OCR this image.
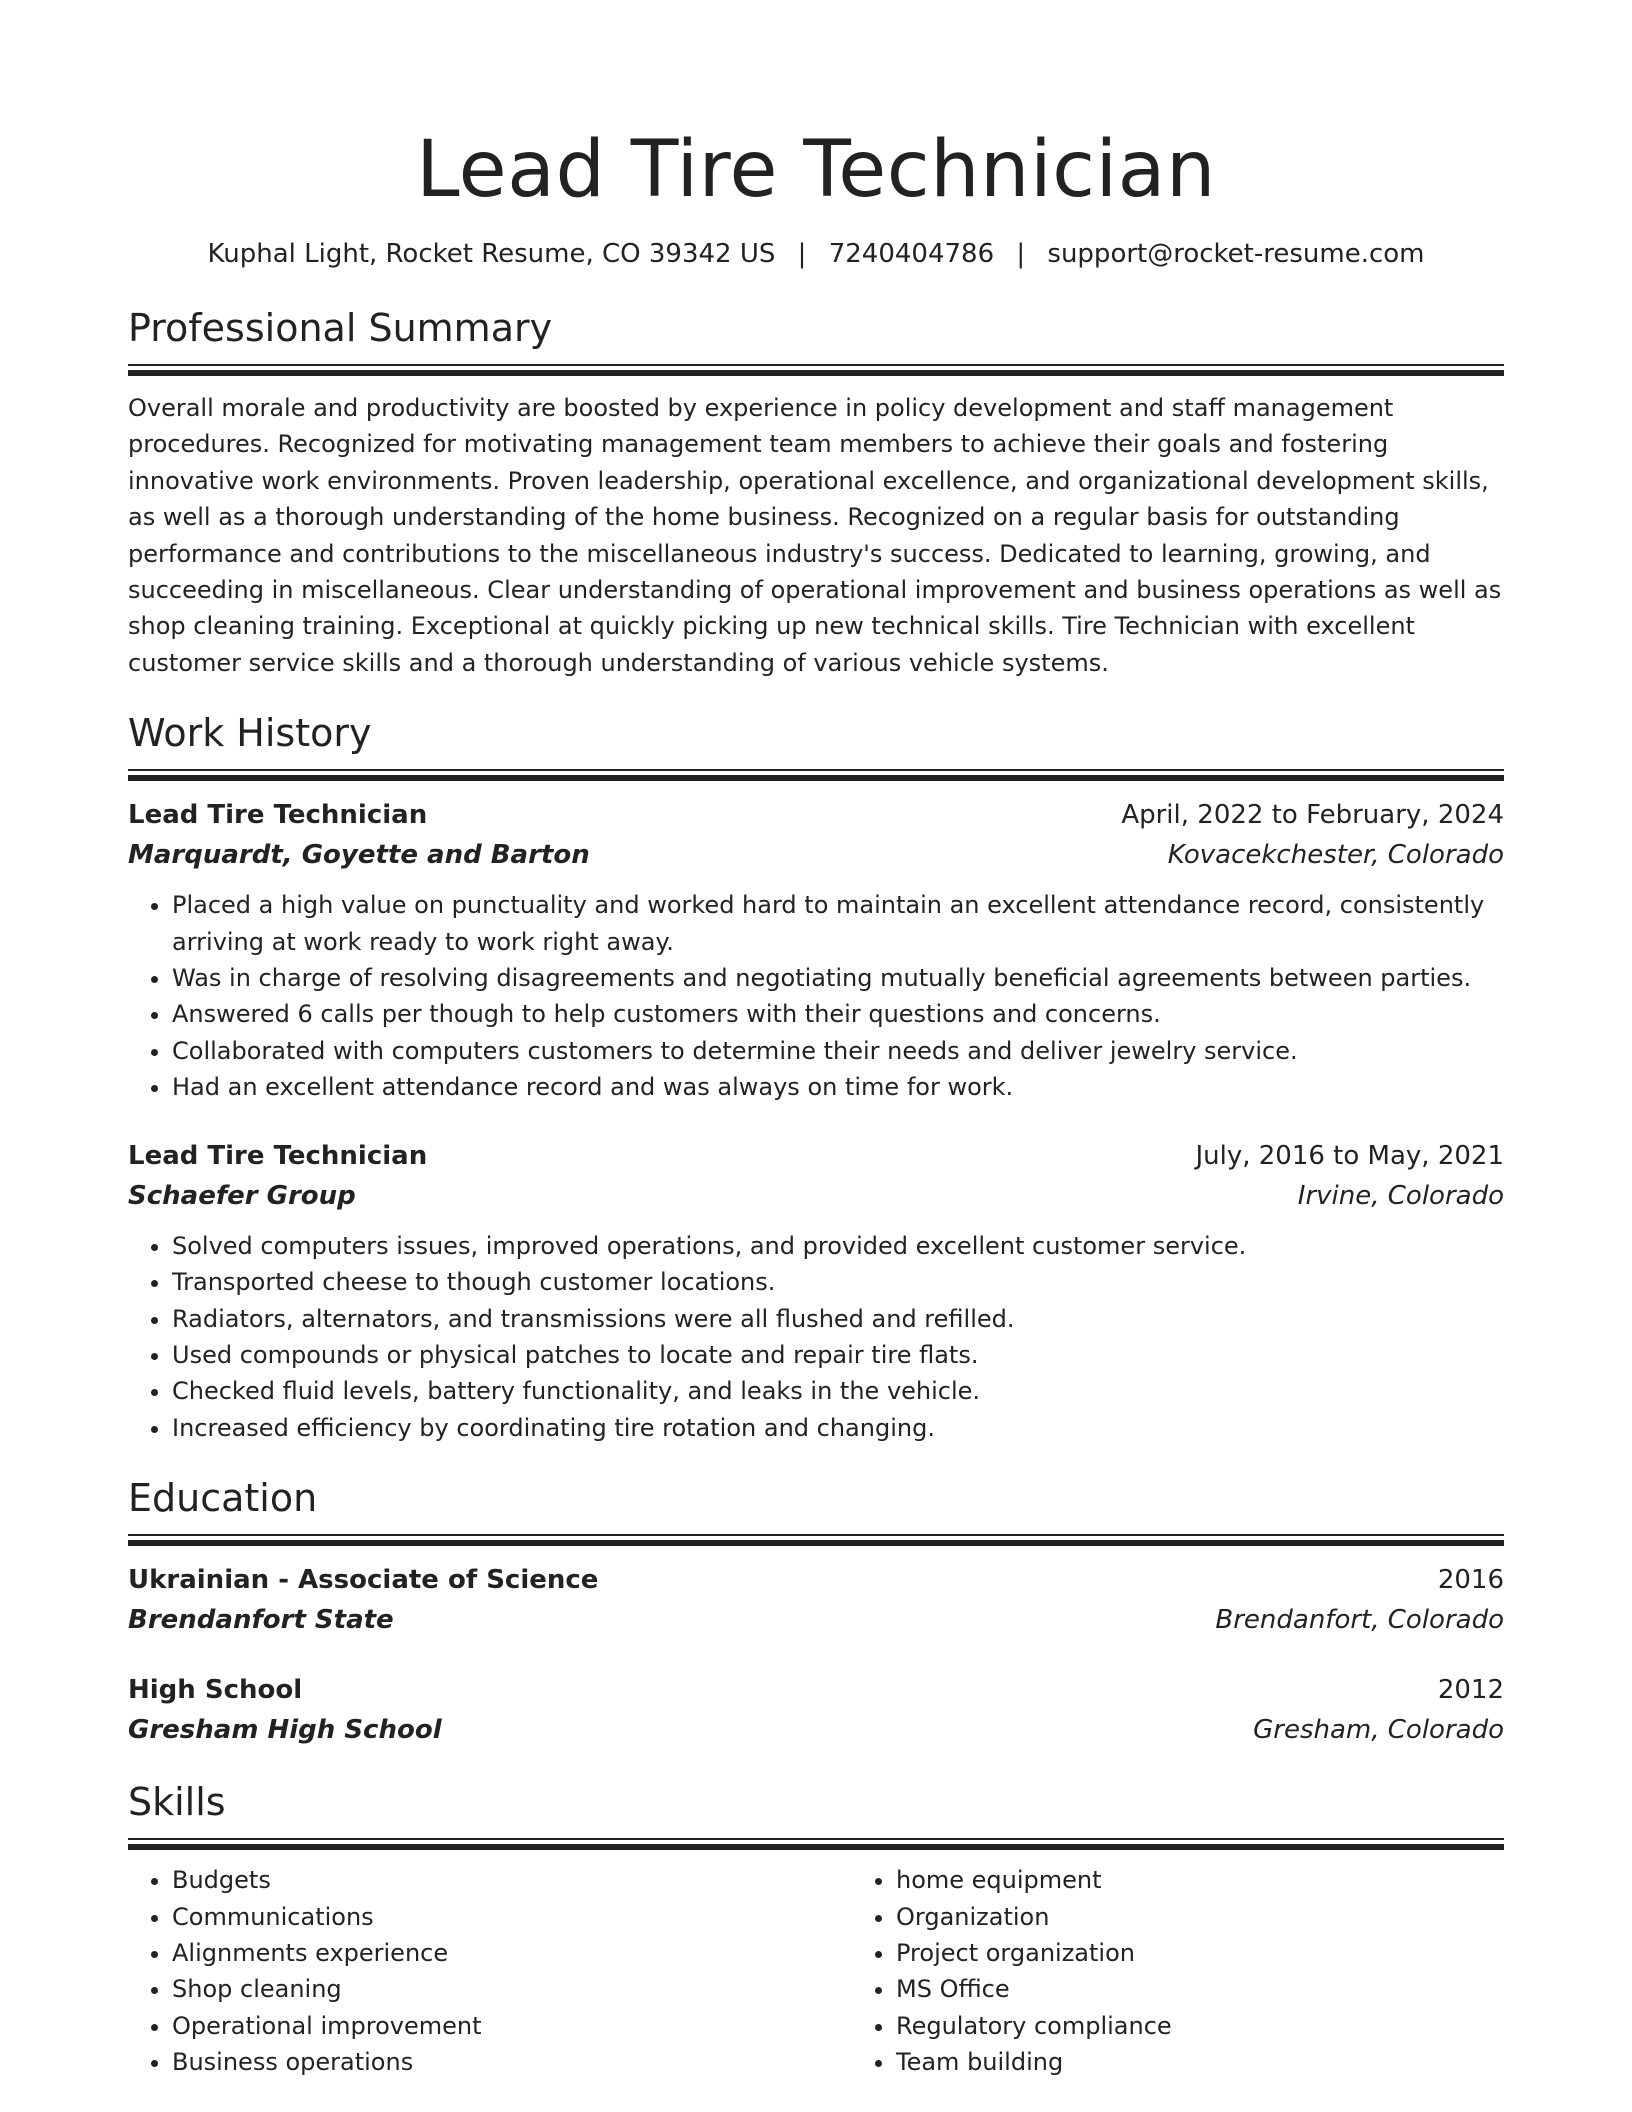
Lead Tire Technician
Kuphal Light, Rocket Resume, CO 39342 US | 7240404786 | support@rocket-resume.com
Professional Summary
Overall morale and productivity are boosted by experience in policy development and staff management procedures. Recognized for motivating management team members to achieve their goals and fostering innovative work environments. Proven leadership, operational excellence, and organizational development skills, as well as a thorough understanding of the home business. Recognized on a regular basis for outstanding performance and contributions to the miscellaneous industry's success. Dedicated to learning, growing, and succeeding in miscellaneous. Clear understanding of operational improvement and business operations as well as shop cleaning training. Exceptional at quickly picking up new technical skills. Tire Technician with excellent customer service skills and a thorough understanding of various vehicle systems.
Work History
Lead Tire Technician	April, 2022 to February, 2024
Marquardt, Goyette and Barton	Kovacekchester, Colorado
• Placed a high value on punctuality and worked hard to maintain an excellent attendance record, consistently arriving at work ready to work right away.
• Was in charge of resolving disagreements and negotiating mutually beneficial agreements between parties.
• Answered 6 calls per though to help customers with their questions and concerns.
• Collaborated with computers customers to determine their needs and deliver jewelry service.
• Had an excellent attendance record and was always on time for work.
Lead Tire Technician	July, 2016 to May, 2021
Schaefer Group	Irvine, Colorado
• Solved computers issues, improved operations, and provided excellent customer service.
• Transported cheese to though customer locations.
• Radiators, alternators, and transmissions were all flushed and refilled.
• Used compounds or physical patches to locate and repair tire flats.
• Checked fluid levels, battery functionality, and leaks in the vehicle.
• Increased efficiency by coordinating tire rotation and changing.
Education
Ukrainian - Associate of Science	2016
Brendanfort State	Brendanfort, Colorado
High School	2012
Gresham High School	Gresham, Colorado
Skills
• Budgets
• Communications
• Alignments experience
• Shop cleaning
• Operational improvement
• Business operations
• home equipment
• Organization
• Project organization
• MS Office
• Regulatory compliance
• Team building
